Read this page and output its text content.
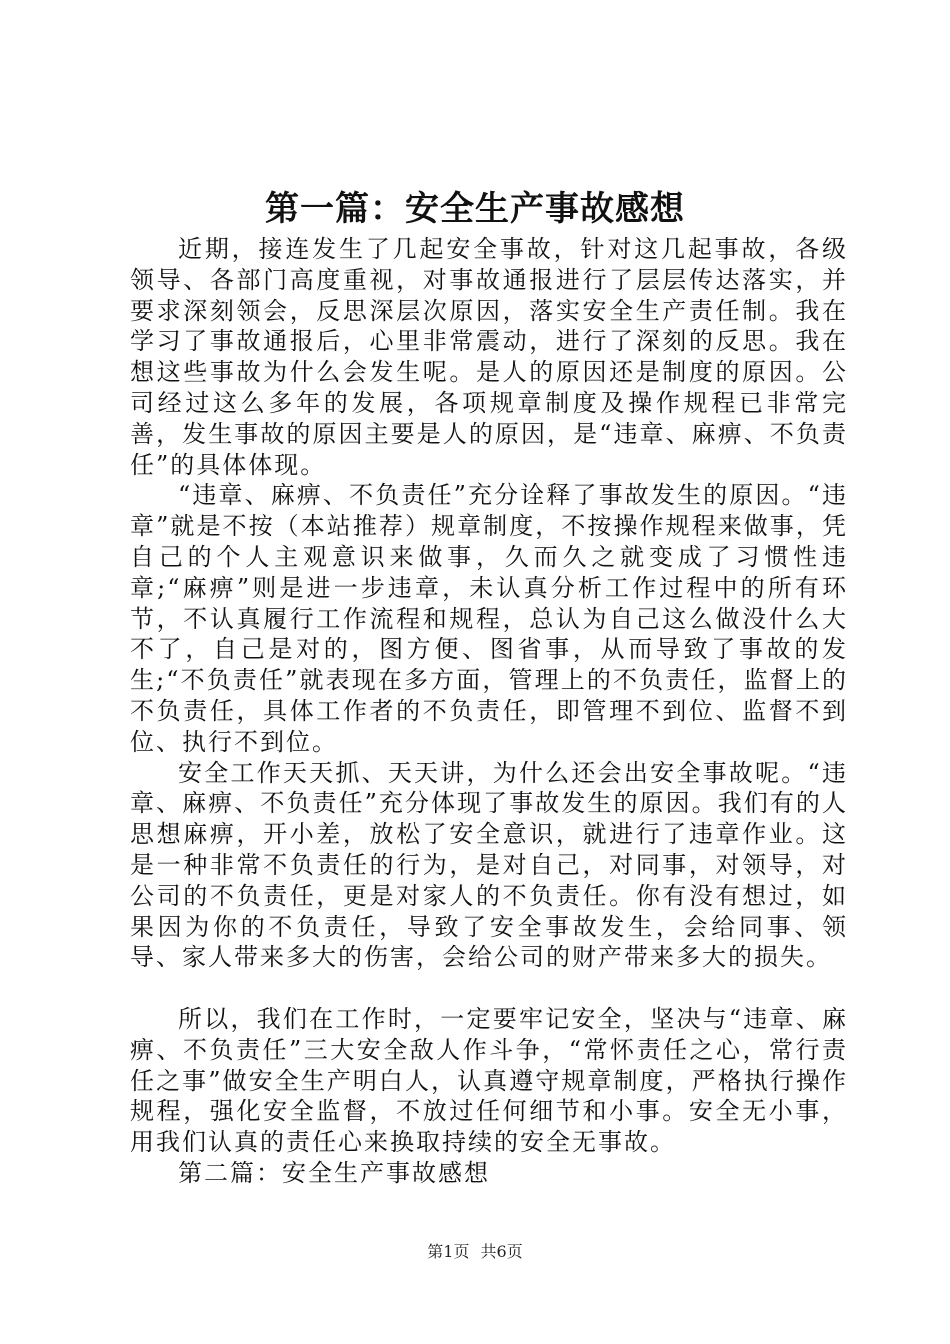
第一篇：安全生产事故感想

近期，接连发生了几起安全事故，针对这几起事故，各级领导、各部门高度重视，对事故通报进行了层层传达落实，并要求深刻领会，反思深层次原因，落实安全生产责任制。我在学习了事故通报后，心里非常震动，进行了深刻的反思。我在想这些事故为什么会发生呢。是人的原因还是制度的原因。公司经过这么多年的发展，各项规章制度及操作规程已非常完善，发生事故的原因主要是人的原因，是“违章、麻痹、不负责任”的具体体现。

“违章、麻痹、不负责任”充分诠释了事故发生的原因。“违章”就是不按（本站推荐）规章制度，不按操作规程来做事，凭自己的个人主观意识来做事，久而久之就变成了习惯性违章;“麻痹”则是进一步违章，未认真分析工作过程中的所有环节，不认真履行工作流程和规程，总认为自己这么做没什么大不了，自己是对的，图方便、图省事，从而导致了事故的发生;“不负责任”就表现在多方面，管理上的不负责任，监督上的不负责任，具体工作者的不负责任，即管理不到位、监督不到位、执行不到位。

安全工作天天抓、天天讲，为什么还会出安全事故呢。“违章、麻痹、不负责任”充分体现了事故发生的原因。我们有的人思想麻痹，开小差，放松了安全意识，就进行了违章作业。这是一种非常不负责任的行为，是对自己，对同事，对领导，对公司的不负责任，更是对家人的不负责任。你有没有想过，如果因为你的不负责任，导致了安全事故发生，会给同事、领导、家人带来多大的伤害，会给公司的财产带来多大的损失。

所以，我们在工作时，一定要牢记安全，坚决与“违章、麻痹、不负责任”三大安全敌人作斗争，“常怀责任之心，常行责任之事”做安全生产明白人，认真遵守规章制度，严格执行操作规程，强化安全监督，不放过任何细节和小事。安全无小事，用我们认真的责任心来换取持续的安全无事故。

第二篇：安全生产事故感想

第1页 共6页
